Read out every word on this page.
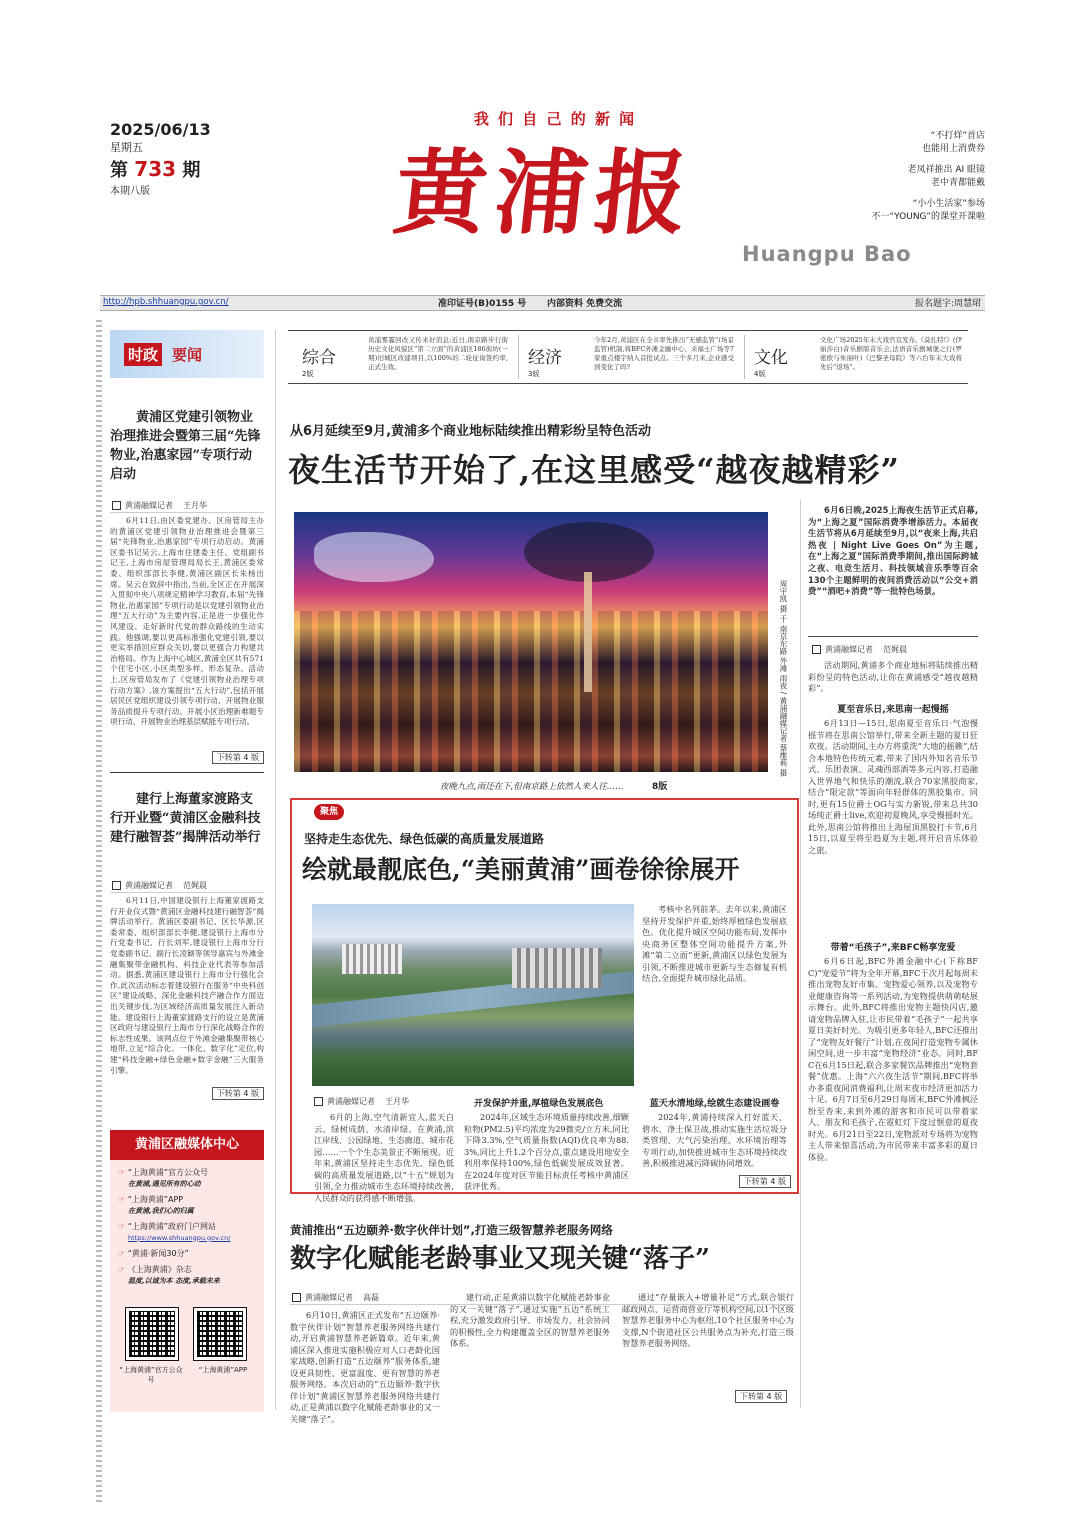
2025/06/13
星期五
第 733 期
本期八版
我 们 自 己 的 新 闻
黄浦报
Huangpu Bao
“不打烊”首店
也能用上消费券
老凤祥推出 AI 眼镜
老中青都能戴
“小小生活家”参场
不一“YOUNG”的课堂开课啦
http://hpb.shhuangpu.gov.cn/	准印证号(B)0155 号 内部资料 免费交流	报名题字:周慧珺
综合
2版
黄浦雾霾回改又传来好消息:近日,南京路步行街历史文化风貌区“第二立面”的黄浦区186街坊(一期)旧城区改建项目,以100%的二轮征询签约率,正式生效。	经济
3版
今年2月,黄浦区在全市率先推出“无感监管”(场景监管)机制,将BFC外滩金融中心、来福士广场等7家重点楼宇纳入首批试点。三个多月来,企业感受到变化了吗?	文化
4版
文化广场2025年末大戏官宣发布,《莫扎特!》(伊丽莎白)音乐剧版音乐会,法语音乐剧城堡之行(罗密欧与朱丽叶)《巴黎圣母院》等六台年末大戏将先后“返场”。
时政 要闻
黄浦区党建引领物业治理推进会暨第三届“先锋物业,治惠家园”专项行动启动
黄浦融媒记者 王月华
6月11日,由区委党建办、区房管局主办的黄浦区党建引领物业治理推进会暨第三届“先锋物业,治惠家园”专项行动启动。黄浦区委书记吴云,上海市住建委主任、党组副书记王,上海市房屋管理局局长王,黄浦区委常委、组织部部长李健,黄浦区副区长朱杨出席。吴云在致辞中指出,当前,全区正在开展深入贯彻中央八项规定精神学习教育,本届“先锋物业,治惠家园”专项行动是以党建引领物业治理“五大行动”为主要内容,正是进一步强化作风建设、走好新时代党的群众路线的生动实践。他强调,要以更高标准强化党建引领,要以更实举措回应群众关切,要以更强合力构建共治格局。作为上海中心城区,黄浦全区共有571个住宅小区,小区类型多样、形态复杂。活动上,区房管局发布了《党建引领物业治理专项行动方案》,该方案提出“五大行动”,包括开展居民区党组织建设引领专项行动、开展物业服务品质提升专项行动、开展小区治理新难题专项行动、开展物业治理基层赋能专项行动。
下转第 4 版
建行上海董家渡路支行开业暨“黄浦区金融科技建行融智荟”揭牌活动举行
黄浦融媒记者 范娓晨
6月11日,中国建设银行上海董家渡路支行开业仪式暨“黄浦区金融科技建行融智荟”揭牌活动举行。黄浦区委副书记、区长华源,区委常委、组织部部长李健,建设银行上海市分行党委书记、行长刘军,建设银行上海市分行党委副书记、副行长凌颖等领导嘉宾与外滩金融集聚带金融机构、科技企业代表等参加活动。据悉,黄浦区建设银行上海市分行强化合作,此次活动标志着建设银行在服务“中央科创区”建设战略、深化金融科技产融合作方面迈出关键步伐,为区域经济高质量发展注入新动能。建设银行上海董家渡路支行的设立是黄浦区政府与建设银行上海市分行深化战略合作的标志性成果。该网点位于外滩金融集聚带核心地带,立足“综合化、一体化、数字化”定位,构建“科技金融+绿色金融+数字金融”三大服务引擎。
下转第 4 版
黄浦区融媒体中心
☞ “上海黄浦”官方公众号
在黄浦,遇见所有的心动
☞ “上海黄浦”APP
在黄浦,我们心的归属
☞ “上海黄浦”政府门户网站
https://www.shhuangpu.gov.cn/
☞ “黄浦·新闻30分”
☞ 《上海黄浦》杂志
温度,以诚为本 态度,承载未来
“上海黄浦”官方公众号
“上海黄浦”APP
从6月延续至9月,黄浦多个商业地标陆续推出精彩纷呈特色活动
夜生活节开始了,在这里感受“越夜越精彩”
周宇凯 摄 于 南京东路 外滩 雨夜 / 黄浦融媒记者 蔡维莉 摄
夜晚九点,雨还在下,但南京路上依然人来人往……	8版
6月6日晚,2025上海夜生活节正式启幕,为“上海之夏”国际消费季增添活力。本届夜生活节将从6月延续至9月,以“夜来上海,共启热夜 | Night Live Goes On”为主题,在“上海之夏”国际消费季期间,推出国际跨城之夜、电竞生活月、科技领域音乐季等百余130个主题鲜明的夜间消费活动以“公交+消费”“酒吧+消费”等一批特色场景。
黄浦融媒记者 范娓晨
活动期间,黄浦多个商业地标将陆续推出精彩纷呈的特色活动,让你在黄浦感受“越夜越精彩”。
夏至音乐日,来思南一起慢摇
6月13日—15日,思南夏至音乐日·气泡慢摇节将在思南公馆举行,带来全新主题的夏日狂欢夜。活动期间,主办方将重洗“大地的摇籁”,结合本地特色传统元素,带来了国内外知名音乐节式、乐团表演、灵魂西部酒等多元内容,打造融入世界地气和快乐的潮流,联合70家黑胶商家,结合“限定款”等面向年轻群体的黑胶集市。同时,更有15位爵士OG与实力新锐,带来总共30场纯正爵士live,欢迎初夏晚风,享受慢摇时光。此外,思南公馆将推出上海屋顶黑胶打卡节,6月15日,以夏至将至趋夏为主题,将开启音乐体验之旅。
带着“毛孩子”,来BFC畅享宠爱
6月6日起,BFC外滩金融中心(下称BFC)“宠爱节”将为全年开幕,BFC于次月起每周末推出宠物友好市集、宠物爱心领养,以及宠物专业健康咨询等一系列活动,为宠物提供萌萌哒展示舞台。此外,BFC将推出宠物主题快闪店,邀请宠物品牌入驻,让市民带着“毛孩子”一起共享夏日美好时光。为吸引更多年轻人,BFC还推出了“宠物友好餐厅”计划,在夜间打造宠物专属休闲空间,进一步丰富“宠物经济”业态。同时,BFC在6月15日起,联合多家餐饮品牌推出“宠物套餐”优惠。上海“六六夜生活节”期间,BFC将举办多重夜间消费福利,让周末夜市经济更加活力十足。6月7日至6月29日每周末,BFC外滩枫泾纷至沓来,来到外滩的游客和市民可以带着家人、朋友和毛孩子,在霓虹灯下度过惬意的夏夜时光。6月21日至22日,宠物派对专场将为宠物主人带来惊喜活动,为市民带来丰富多彩的夏日体验。
聚焦
坚持走生态优先、绿色低碳的高质量发展道路
绘就最靓底色,“美丽黄浦”画卷徐徐展开
开发保护并重,厚植绿色发展底色
黄浦融媒记者 王月华
6月的上海,空气清新宜人,蓝天白云、绿树成荫、水清岸绿。在黄浦,滨江岸线、公园绿地、生态廊道、城市花园……一个个生态美景正不断展现。近年来,黄浦区坚持走生态优先、绿色低碳的高质量发展道路,以“十五”规划为引领,全力推动城市生态环境持续改善,人民群众的获得感不断增强。
2024年,区域生态环境质量持续改善,细颗粒物(PM2.5)平均浓度为29微克/立方米,同比下降3.3%,空气质量指数(AQI)优良率为88.3%,同比上升1.2个百分点,重点建设用地安全利用率保持100%,绿色低碳发展成效显著。在2024年度对区节能目标责任考核中黄浦区获评优秀。
考核中名列前茅。去年以来,黄浦区坚持开发保护并重,始终厚植绿色发展底色。优化提升城区空间功能布局,发挥中央商务区整体空间功能提升方案,外滩“第二立面”更新,黄浦区以绿色发展为引领,不断推进城市更新与生态修复有机结合,全面提升城市绿化品质。
蓝天水清地绿,绘就生态建设画卷
2024年,黄浦持续深入打好蓝天、碧水、净土保卫战,推动实施生活垃圾分类管理、大气污染治理、水环境治理等专项行动,加快推进城市生态环境持续改善,积极推进减污降碳协同增效。
下转第 4 版
黄浦推出“五边颐养·数字伙伴计划”,打造三级智慧养老服务网络
数字化赋能老龄事业又现关键“落子”
黄浦融媒记者 高磊
6月10日,黄浦区正式发布“五边颐养·数字伙伴计划”智慧养老服务网络共建行动,开启黄浦智慧养老新篇章。近年来,黄浦区深入推进实施积极应对人口老龄化国家战略,创新打造“五边颐养”服务体系,建设更具韧性、更富温度、更有智慧的养老服务网络。本次启动的“五边颐养·数字伙伴计划”黄浦区智慧养老服务网络共建行动,正是黄浦以数字化赋能老龄事业的又一关键“落子”。
建行动,正是黄浦以数字化赋能老龄事业的又一关键“落子”,通过实施“五边”系统工程,充分激发政府引导、市场发力、社会协同的积极性,全力构建覆盖全区的智慧养老服务体系。
通过“存量嵌入+增量补足”方式,联合银行邮政网点、运营商营业厅等机构空间,以1个区级智慧养老服务中心为枢纽,10个社区服务中心为支撑,N个街道社区公共服务点为补充,打造三级智慧养老服务网络。
下转第 4 版
